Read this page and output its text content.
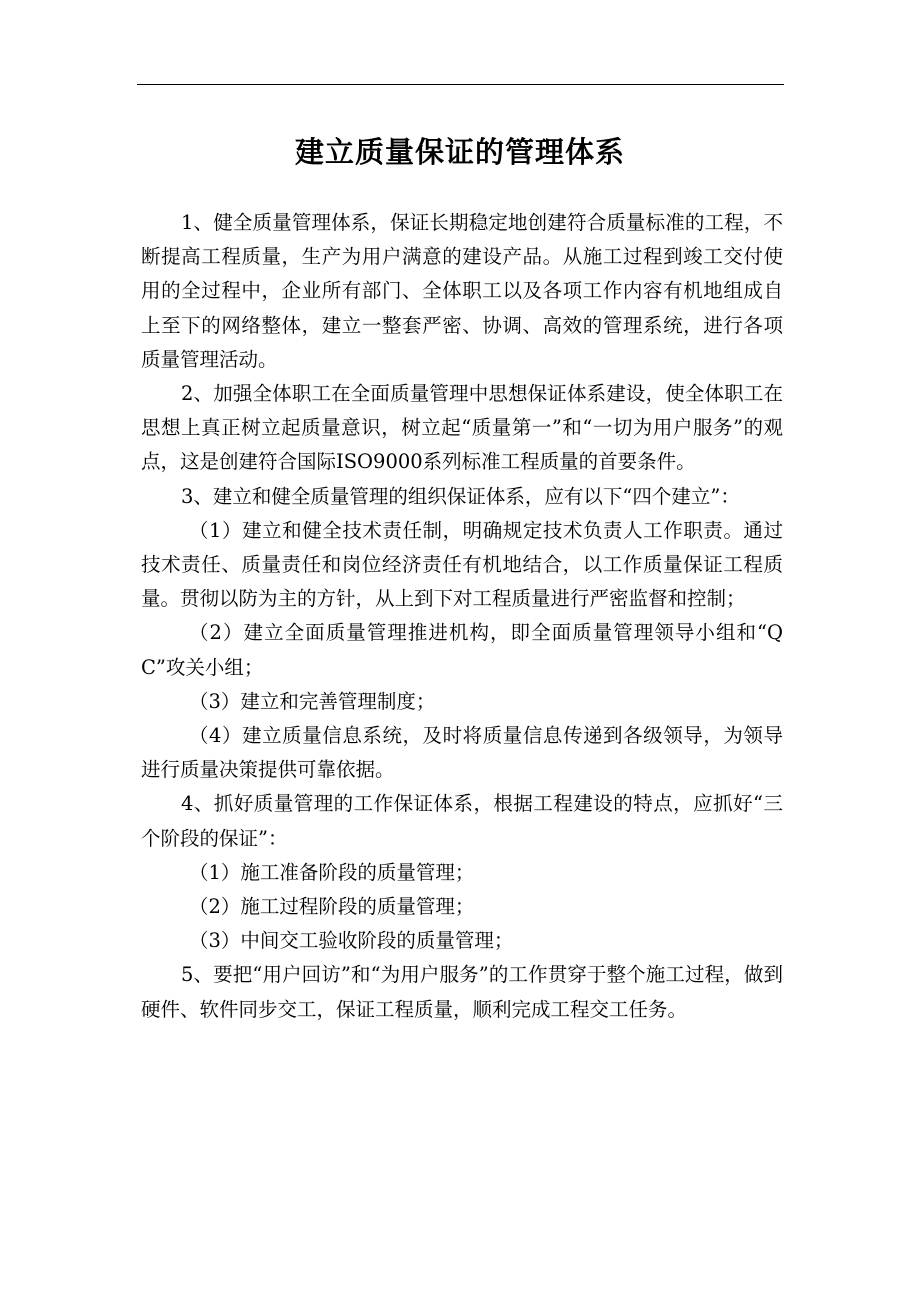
建立质量保证的管理体系

1、健全质量管理体系，保证长期稳定地创建符合质量标准的工程，不断提高工程质量，生产为用户满意的建设产品。从施工过程到竣工交付使用的全过程中，企业所有部门、全体职工以及各项工作内容有机地组成自上至下的网络整体，建立一整套严密、协调、高效的管理系统，进行各项质量管理活动。

2、加强全体职工在全面质量管理中思想保证体系建设，使全体职工在思想上真正树立起质量意识，树立起“质量第一”和“一切为用户服务”的观点，这是创建符合国际ISO9000系列标准工程质量的首要条件。

3、建立和健全质量管理的组织保证体系，应有以下“四个建立”：

（1）建立和健全技术责任制，明确规定技术负责人工作职责。通过技术责任、质量责任和岗位经济责任有机地结合，以工作质量保证工程质量。贯彻以防为主的方针，从上到下对工程质量进行严密监督和控制；

（2）建立全面质量管理推进机构，即全面质量管理领导小组和“QC”攻关小组；

（3）建立和完善管理制度；

（4）建立质量信息系统，及时将质量信息传递到各级领导，为领导进行质量决策提供可靠依据。

4、抓好质量管理的工作保证体系，根据工程建设的特点，应抓好“三个阶段的保证”：

（1）施工准备阶段的质量管理；

（2）施工过程阶段的质量管理；

（3）中间交工验收阶段的质量管理；

5、要把“用户回访”和“为用户服务”的工作贯穿于整个施工过程，做到硬件、软件同步交工，保证工程质量，顺利完成工程交工任务。
